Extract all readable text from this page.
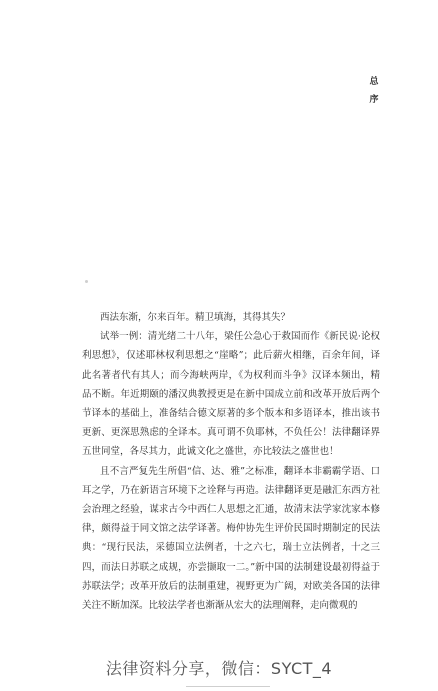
总
序

西法东渐，尔来百年。精卫填海，其得其失？

试举一例：清光绪二十八年，梁任公急心于救国而作《新民说·论权利思想》，仅述耶林权利思想之“崖略”；此后薪火相继，百余年间，译此名著者代有其人；而今海峡两岸，《为权利而斗争》汉译本频出，精品不断。年近期颐的潘汉典教授更是在新中国成立前和改革开放后两个节译本的基础上，准备结合德文原著的多个版本和多语译本，推出该书更新、更深思熟虑的全译本。真可谓不负耶林，不负任公！法律翻译界五世同堂，各尽其力，此诚文化之盛世，亦比较法之盛世也！

且不言严复先生所倡“信、达、雅”之标准，翻译本非霸霸学语、口耳之学，乃在新语言环境下之诠释与再造。法律翻译更是融汇东西方社会治理之经验，谋求古今中西仁人思想之汇通，故清末法学家沈家本修律，颇得益于同文馆之法学译著。梅仲协先生评价民国时期制定的民法典：“现行民法，采德国立法例者，十之六七，瑞士立法例者，十之三四，而法日苏联之成规，亦尝撷取一二。”新中国的法制建设最初得益于苏联法学；改革开放后的法制重建，视野更为广阔，对欧美各国的法律关注不断加深。比较法学者也渐渐从宏大的法理阐释，走向微观的

法律资料分享，微信：SYCT_4
